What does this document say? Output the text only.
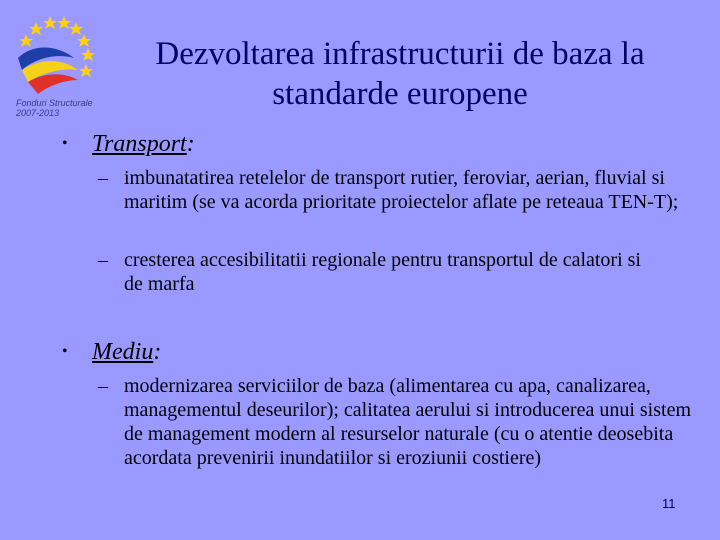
Fonduri Structurale
2007-2013
Dezvoltarea infrastructurii de baza la
standarde europene
• Transport:
– imbunatatirea retelelor de transport rutier, feroviar, aerian, fluvial si maritim (se va acorda prioritate proiectelor aflate pe reteaua TEN-T);
– cresterea accesibilitatii regionale pentru transportul de calatori si de marfa
• Mediu:
– modernizarea serviciilor de baza (alimentarea cu apa, canalizarea, managementul deseurilor); calitatea aerului si introducerea unui sistem de management modern al resurselor naturale (cu o atentie deosebita acordata prevenirii inundatiilor si eroziunii costiere)
11
